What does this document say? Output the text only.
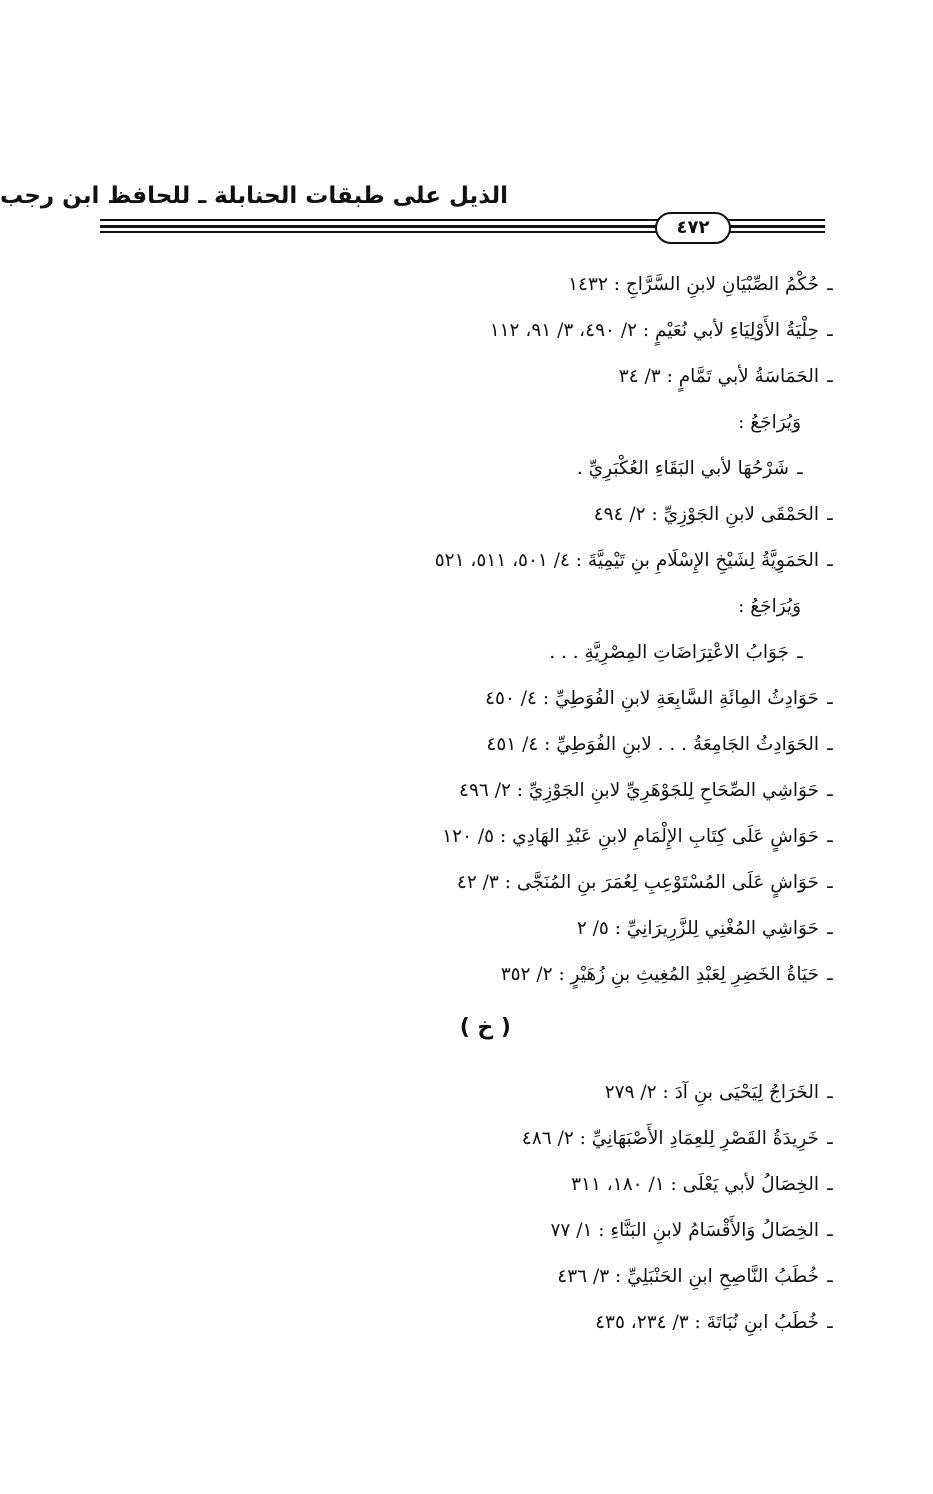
الذيل على طبقات الحنابلة ـ للحافظ ابن رجب
٤٧٢
ـحُكْمُ الصِّبْيَانِ لابنِ السَّرَّاجِ : ١٤٣٢
ـحِلْيَةُ الأَوْلِيَاءِ لأبي نُعَيْمٍ : ٢/ ٤٩٠، ٣/ ٩١، ١١٢
ـالحَمَاسَةُ لأبي تَمَّامٍ : ٣/ ٣٤
وَيُرَاجَعُ :
ـشَرْحُهَا لأبي البَقَاءِ العُكْبَرِيِّ .
ـالحَمْقَى لابنِ الجَوْزِيِّ : ٢/ ٤٩٤
ـالحَمَوِيَّةُ لِشَيْخِ الإِسْلَامِ بنِ تَيْمِيَّةَ : ٤/ ٥٠١، ٥١١، ٥٢١
وَيُرَاجَعُ :
ـجَوَابُ الاعْتِرَاضَاتِ المِصْرِيَّةِ . . .
ـحَوَادِثُ المِائَةِ السَّابِعَةِ لابنِ الفُوَطِيِّ : ٤/ ٤٥٠
ـالحَوَادِثُ الجَامِعَةُ . . . لابنِ الفُوَطِيِّ : ٤/ ٤٥١
ـحَوَاشِي الصِّحَاحِ لِلجَوْهَرِيِّ لابنِ الجَوْزِيِّ : ٢/ ٤٩٦
ـحَوَاشٍ عَلَى كِتَابِ الإِلْمَامِ لابنِ عَبْدِ الهَادِي : ٥/ ١٢٠
ـحَوَاشٍ عَلَى المُسْتَوْعِبِ لِعُمَرَ بنِ المُنَجَّى : ٣/ ٤٢
ـحَوَاشِي المُغْنِي لِلزَّرِيرَانِيِّ : ٥/ ٢
ـحَيَاةُ الخَضِرِ لِعَبْدِ المُغِيثِ بنِ زُهَيْرٍ : ٢/ ٣٥٢
( خ )
ـالخَرَاجُ لِيَحْيَى بنِ آدَ : ٢/ ٢٧٩
ـخَرِيدَةُ القَصْرِ لِلعِمَادِ الأَصْبَهَانِيِّ : ٢/ ٤٨٦
ـالخِصَالُ لأبي يَعْلَى : ١/ ١٨٠، ٣١١
ـالخِصَالُ وَالأَقْسَامُ لابنِ البَنَّاءِ : ١/ ٧٧
ـخُطَبُ النَّاصِحِ ابنِ الحَنْبَلِيِّ : ٣/ ٤٣٦
ـخُطَبُ ابنِ نُبَاتَةَ : ٣/ ٢٣٤، ٤٣٥
